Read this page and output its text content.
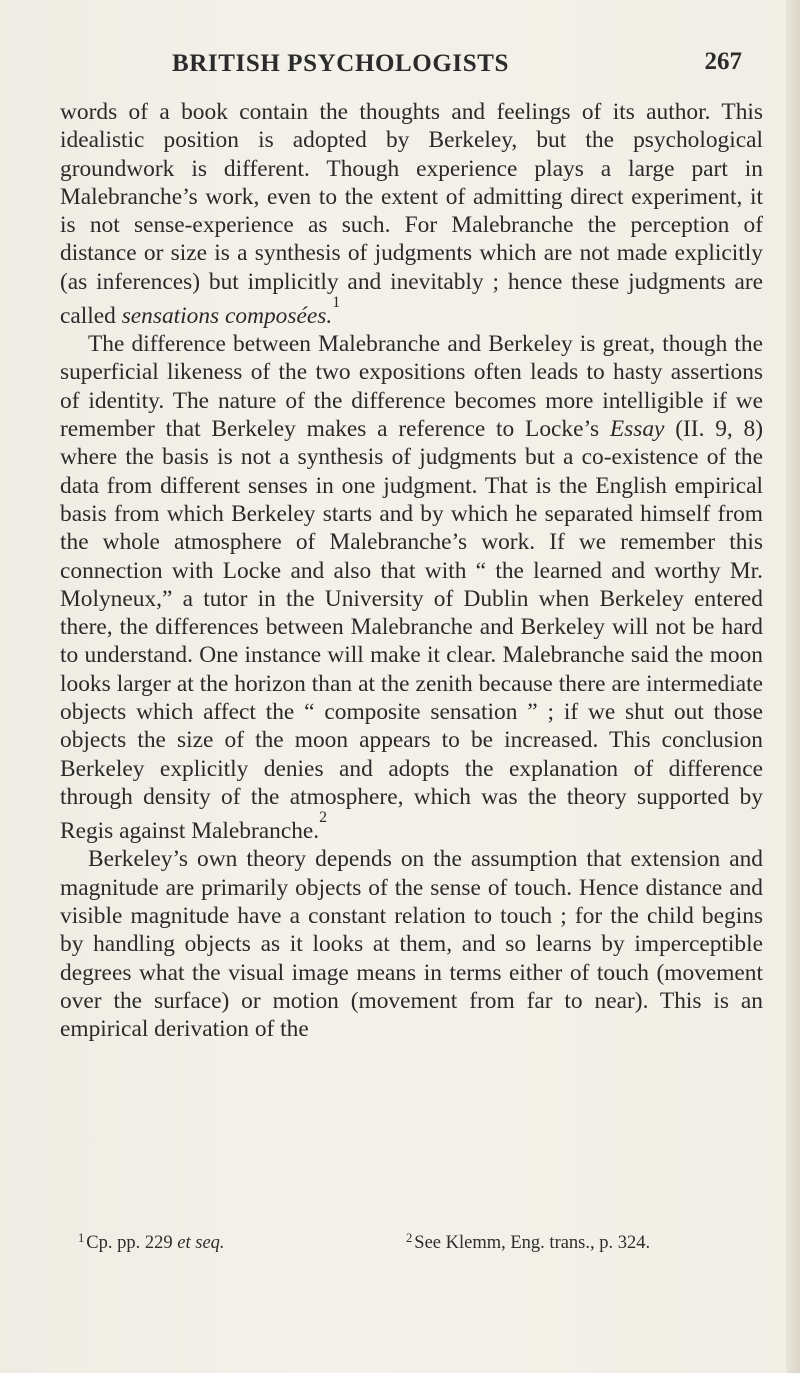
BRITISH PSYCHOLOGISTS	267

words of a book contain the thoughts and feelings of its author. This idealistic position is adopted by Berkeley, but the psychological groundwork is different. Though experience plays a large part in Malebranche’s work, even to the extent of admitting direct experiment, it is not sense-experience as such. For Malebranche the perception of distance or size is a synthesis of judgments which are not made explicitly (as inferences) but implicitly and inevitably ; hence these judgments are called sensations composées.$^1$

The difference between Malebranche and Berkeley is great, though the superficial likeness of the two expositions often leads to hasty assertions of identity. The nature of the difference becomes more intelligible if we remember that Berkeley makes a reference to Locke’s Essay (II. 9, 8) where the basis is not a synthesis of judgments but a co-existence of the data from different senses in one judgment. That is the English empirical basis from which Berkeley starts and by which he separated himself from the whole atmosphere of Malebranche’s work. If we remember this connection with Locke and also that with “ the learned and worthy Mr. Molyneux,” a tutor in the University of Dublin when Berkeley entered there, the differences between Malebranche and Berkeley will not be hard to understand. One instance will make it clear. Malebranche said the moon looks larger at the horizon than at the zenith because there are intermediate objects which affect the “ composite sensation ” ; if we shut out those objects the size of the moon appears to be increased. This conclusion Berkeley explicitly denies and adopts the explanation of difference through density of the atmosphere, which was the theory supported by Regis against Malebranche.$^2$

Berkeley’s own theory depends on the assumption that extension and magnitude are primarily objects of the sense of touch. Hence distance and visible magnitude have a constant relation to touch ; for the child begins by handling objects as it looks at them, and so learns by imperceptible degrees what the visual image means in terms either of touch (movement over the surface) or motion (movement from far to near). This is an empirical derivation of the

$^1$ Cp. pp. 229 et seq.	$^2$ See Klemm, Eng. trans., p. 324.
